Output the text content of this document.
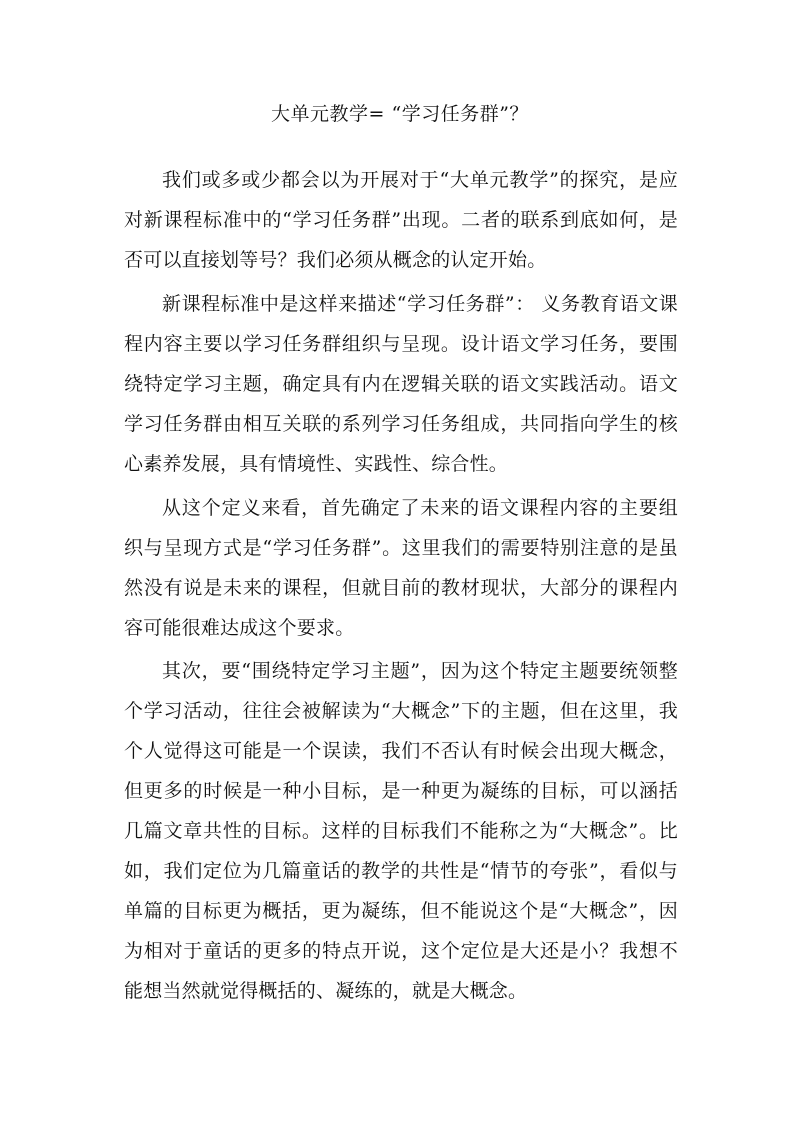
大单元教学= “学习任务群”？

我们或多或少都会以为开展对于“大单元教学”的探究，是应对新课程标准中的“学习任务群”出现。二者的联系到底如何，是否可以直接划等号？我们必须从概念的认定开始。

新课程标准中是这样来描述“学习任务群”： 义务教育语文课程内容主要以学习任务群组织与呈现。设计语文学习任务，要围绕特定学习主题，确定具有内在逻辑关联的语文实践活动。语文学习任务群由相互关联的系列学习任务组成，共同指向学生的核心素养发展，具有情境性、实践性、综合性。

从这个定义来看，首先确定了未来的语文课程内容的主要组织与呈现方式是“学习任务群”。这里我们的需要特别注意的是虽然没有说是未来的课程，但就目前的教材现状，大部分的课程内容可能很难达成这个要求。

其次，要“围绕特定学习主题”，因为这个特定主题要统领整个学习活动，往往会被解读为“大概念”下的主题，但在这里，我个人觉得这可能是一个误读，我们不否认有时候会出现大概念，但更多的时候是一种小目标，是一种更为凝练的目标，可以涵括几篇文章共性的目标。这样的目标我们不能称之为“大概念”。比如，我们定位为几篇童话的教学的共性是“情节的夸张”，看似与单篇的目标更为概括，更为凝练，但不能说这个是“大概念”，因为相对于童话的更多的特点开说，这个定位是大还是小？我想不能想当然就觉得概括的、凝练的，就是大概念。
